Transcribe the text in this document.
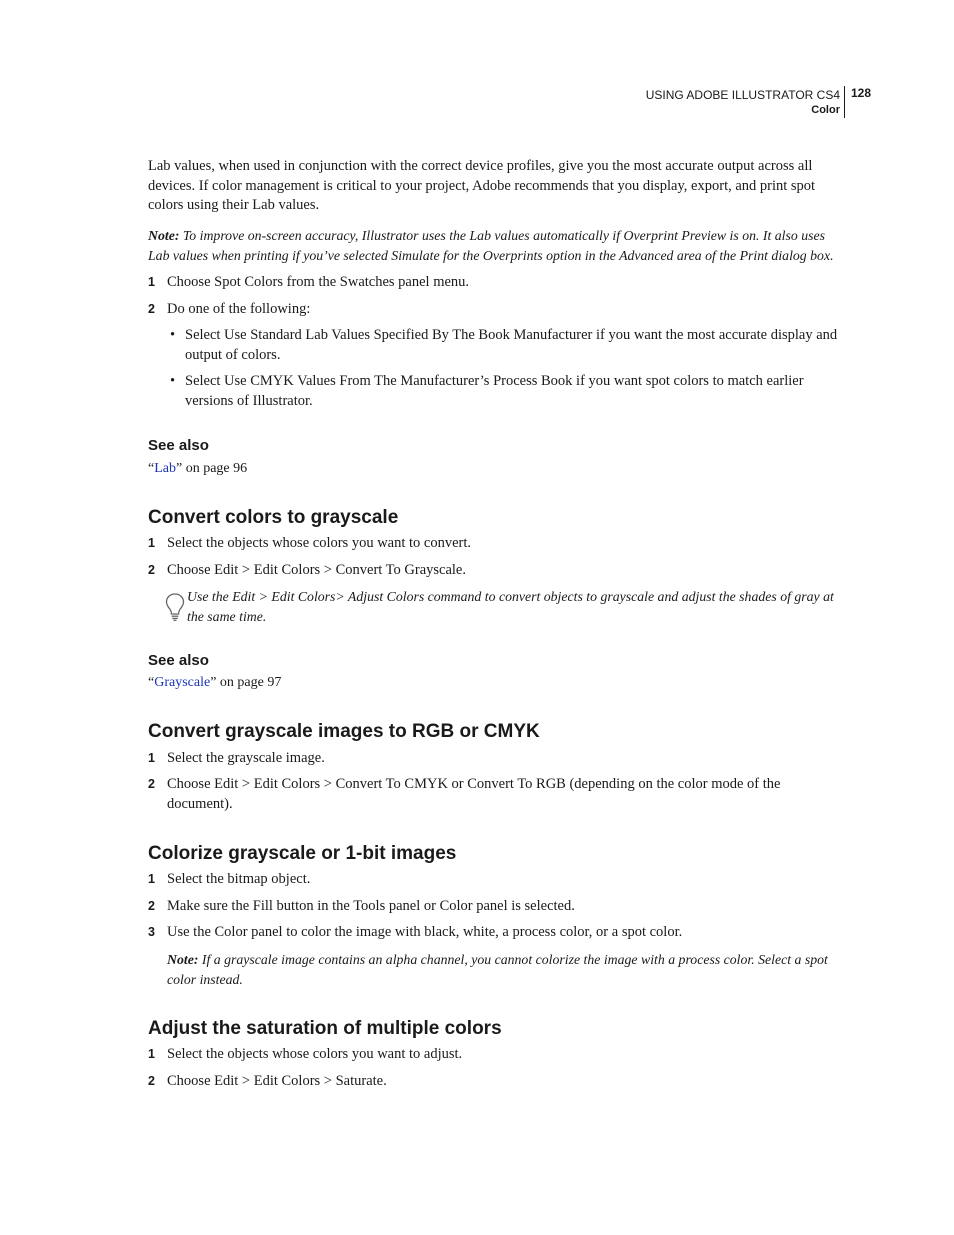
USING ADOBE ILLUSTRATOR CS4
Color
128
Lab values, when used in conjunction with the correct device profiles, give you the most accurate output across all devices. If color management is critical to your project, Adobe recommends that you display, export, and print spot colors using their Lab values.
Note: To improve on-screen accuracy, Illustrator uses the Lab values automatically if Overprint Preview is on. It also uses Lab values when printing if you’ve selected Simulate for the Overprints option in the Advanced area of the Print dialog box.
1 Choose Spot Colors from the Swatches panel menu.
2 Do one of the following:
• Select Use Standard Lab Values Specified By The Book Manufacturer if you want the most accurate display and output of colors.
• Select Use CMYK Values From The Manufacturer’s Process Book if you want spot colors to match earlier versions of Illustrator.
See also
“Lab” on page 96
Convert colors to grayscale
1 Select the objects whose colors you want to convert.
2 Choose Edit > Edit Colors > Convert To Grayscale.
Use the Edit > Edit Colors> Adjust Colors command to convert objects to grayscale and adjust the shades of gray at the same time.
See also
“Grayscale” on page 97
Convert grayscale images to RGB or CMYK
1 Select the grayscale image.
2 Choose Edit > Edit Colors > Convert To CMYK or Convert To RGB (depending on the color mode of the document).
Colorize grayscale or 1-bit images
1 Select the bitmap object.
2 Make sure the Fill button in the Tools panel or Color panel is selected.
3 Use the Color panel to color the image with black, white, a process color, or a spot color.
Note: If a grayscale image contains an alpha channel, you cannot colorize the image with a process color. Select a spot color instead.
Adjust the saturation of multiple colors
1 Select the objects whose colors you want to adjust.
2 Choose Edit > Edit Colors > Saturate.
